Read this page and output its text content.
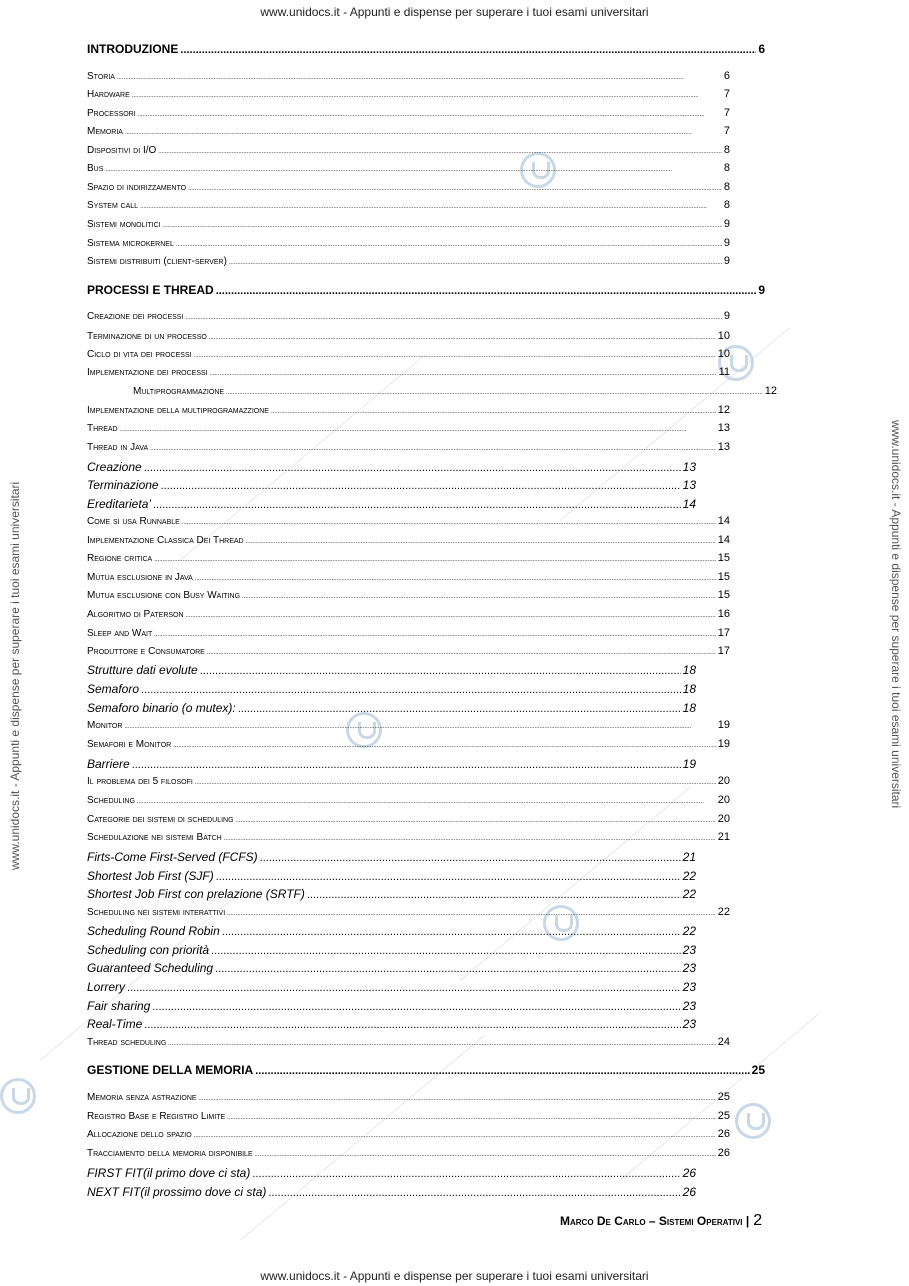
www.unidocs.it - Appunti e dispense per superare i tuoi esami universitari
www.unidocs.it - Appunti e dispense per superare i tuoi esami universitari
www.unidocs.it - Appunti e dispense per superare i tuoi esami universitari	www.unidocs.it - Appunti e dispense per superare i tuoi esami universitari
INTRODUZIONE .....	6
Storia .....	6
Hardware .....	7
Processori .....	7
Memoria .....	7
Dispositivi di I/O .....	8
Bus .....	8
Spazio di indirizzamento .....	8
System call .....	8
Sistemi monolitici .....	9
Sistema microkernel .....	9
Sistemi distribuiti (client-server) .....	9
PROCESSI E THREAD .....	9
Creazione dei processi .....	9
Terminazione di un processo .....	10
Ciclo di vita dei processi .....	10
Implementazione dei processi .....	11
Multiprogrammazione .....	12
Implementazione della multiprogramazzione .....	12
Thread .....	13
Thread in Java .....	13
Creazione .....	13
Terminazione .....	13
Ereditarieta’ .....	14
Come si usa Runnable .....	14
Implementazione Classica Dei Thread .....	14
Regione critica .....	15
Mutua esclusione in Java .....	15
Mutua esclusione con Busy Waiting .....	15
Algoritmo di Paterson .....	16
Sleep and Wait .....	17
Produttore e Consumatore .....	17
Strutture dati evolute .....	18
Semaforo .....	18
Semaforo binario (o mutex): .....	18
Monitor .....	19
Semafori e Monitor .....	19
Barriere .....	19
Il problema dei 5 filosofi .....	20
Scheduling .....	20
Categorie dei sistemi di scheduling .....	20
Schedulazione nei sistemi Batch .....	21
Firts-Come First-Served (FCFS) .....	21
Shortest Job First (SJF) .....	22
Shortest Job First con prelazione (SRTF) .....	22
Scheduling nei sistemi interattivi .....	22
Scheduling Round Robin .....	22
Scheduling con priorità .....	23
Guaranteed Scheduling .....	23
Lorrery .....	23
Fair sharing .....	23
Real-Time .....	23
Thread scheduling .....	24
GESTIONE DELLA MEMORIA .....	25
Memoria senza astrazione .....	25
Registro Base e Registro Limite .....	25
Allocazione dello spazio .....	26
Tracciamento della memoria disponibile .....	26
FIRST FIT(il primo dove ci sta) .....	26
NEXT FIT(il prossimo dove ci sta) .....	26
Marco De Carlo – Sistemi Operativi | 2
